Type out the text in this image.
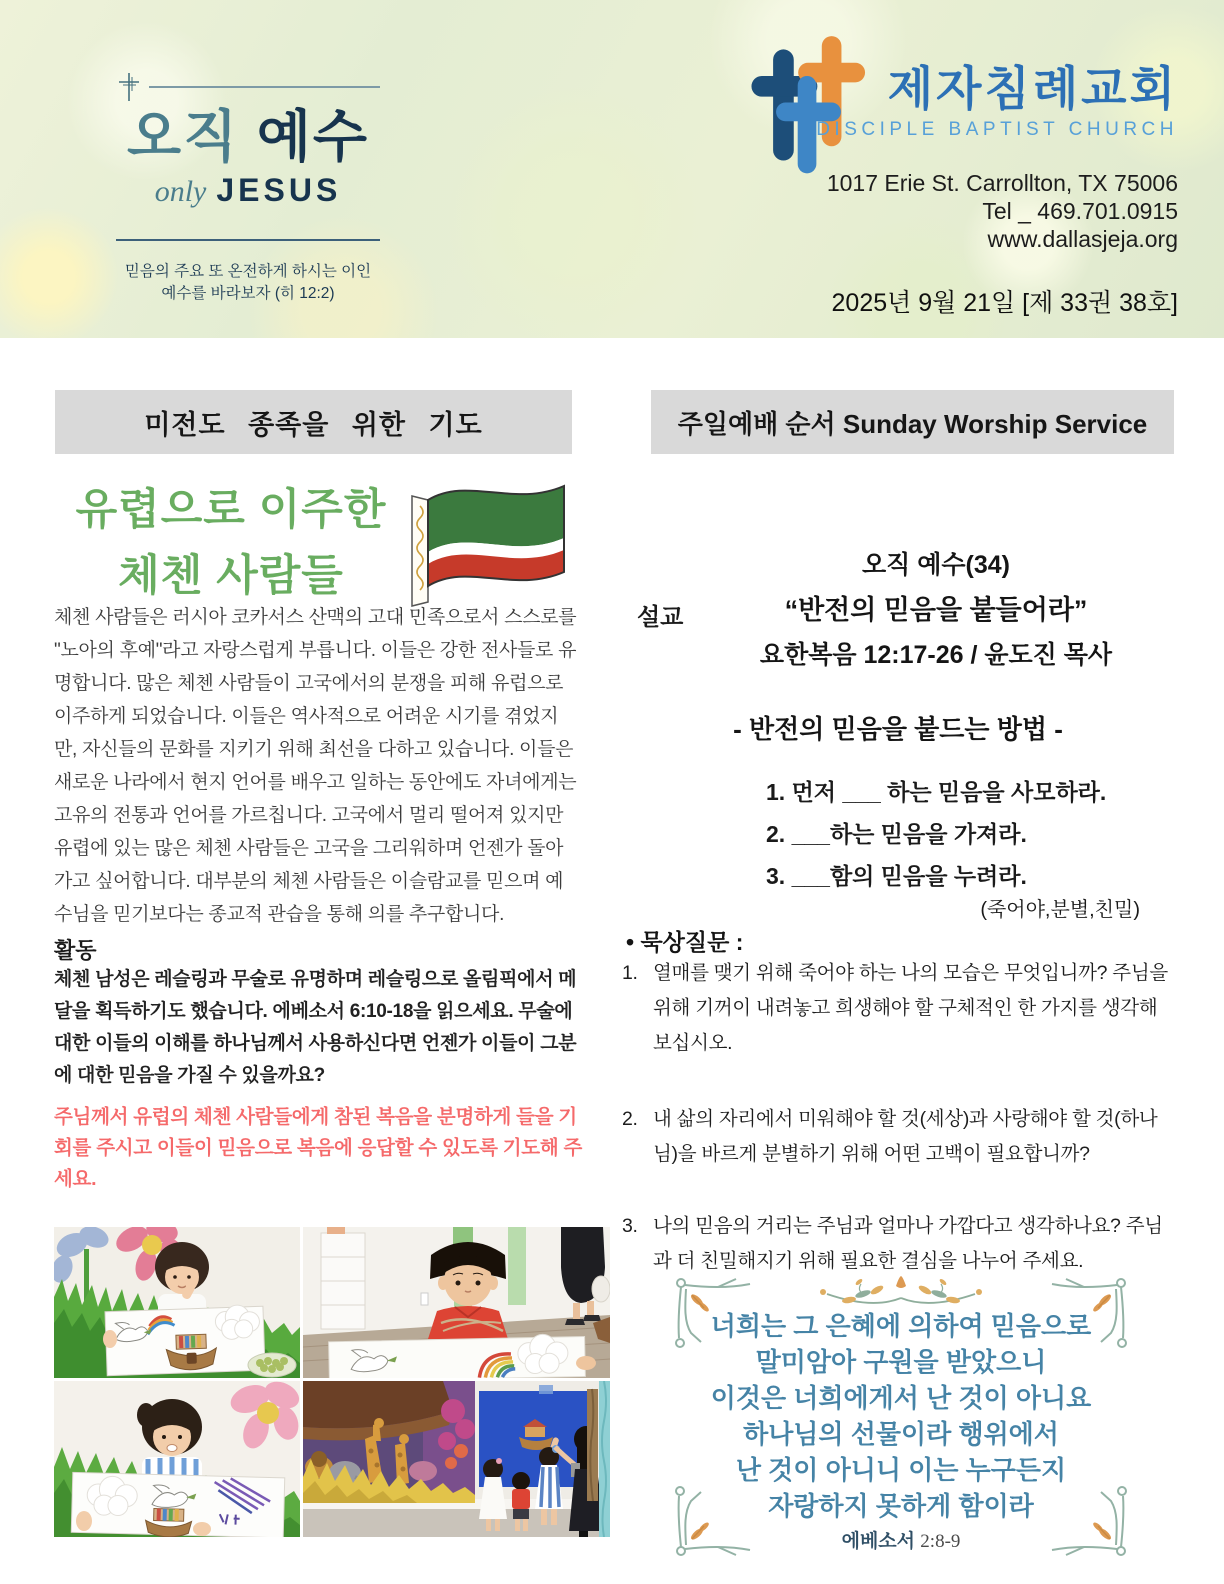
오직 예수
only JESUS
믿음의 주요 또 온전하게 하시는 이인
예수를 바라보자 (히 12:2)
제자침례교회
DISCIPLE BAPTIST CHURCH
1017 Erie St. Carrollton, TX 75006
Tel _ 469.701.0915
www.dallasjeja.org
2025년 9월 21일 [제 33권 38호]
미전도 종족을 위한 기도
유렵으로 이주한
체첸 사람들

체첸 사람들은 러시아 코카서스 산맥의 고대 민족으로서 스스로를 "노아의 후예"라고 자랑스럽게 부릅니다. 이들은 강한 전사들로 유명합니다. 많은 체첸 사람들이 고국에서의 분쟁을 피해 유럽으로 이주하게 되었습니다. 이들은 역사적으로 어려운 시기를 겪었지만, 자신들의 문화를 지키기 위해 최선을 다하고 있습니다. 이들은 새로운 나라에서 현지 언어를 배우고 일하는 동안에도 자녀에게는 고유의 전통과 언어를 가르칩니다. 고국에서 멀리 떨어져 있지만 유렵에 있는 많은 체첸 사람들은 고국을 그리워하며 언젠가 돌아가고 싶어합니다. 대부분의 체첸 사람들은 이슬람교를 믿으며 예수님을 믿기보다는 종교적 관습을 통해 의를 추구합니다.

활동

체첸 남성은 레슬링과 무술로 유명하며 레슬링으로 올림픽에서 메달을 획득하기도 했습니다. 에베소서 6:10-18을 읽으세요. 무술에 대한 이들의 이해를 하나님께서 사용하신다면 언젠가 이들이 그분에 대한 믿음을 가질 수 있을까요?

주님께서 유럽의 체첸 사람들에게 참된 복음을 분명하게 들을 기회를 주시고 이들이 믿음으로 복음에 응답할 수 있도록 기도해 주세요.

주일예배 순서 Sunday Worship Service
설교
오직 예수(34)
“반전의 믿음을 붙들어라”
요한복음 12:17-26 / 윤도진 목사
- 반전의 믿음을 붙드는 방법 -
1. 먼저 ___ 하는 믿음을 사모하라.
2. ___하는 믿음을 가져라.
3. ___함의 믿음을 누려라.
(죽어야,분별,친밀)
• 묵상질문 :
1. 열매를 맺기 위해 죽어야 하는 나의 모습은 무엇입니까? 주님을 위해 기꺼이 내려놓고 희생해야 할 구체적인 한 가지를 생각해 보십시오.
2. 내 삶의 자리에서 미워해야 할 것(세상)과 사랑해야 할 것(하나님)을 바르게 분별하기 위해 어떤 고백이 필요합니까?
3. 나의 믿음의 거리는 주님과 얼마나 가깝다고 생각하나요? 주님과 더 친밀해지기 위해 필요한 결심을 나누어 주세요.
너희는 그 은혜에 의하여 믿음으로
말미암아 구원을 받았으니
이것은 너희에게서 난 것이 아니요
하나님의 선물이라 행위에서
난 것이 아니니 이는 누구든지
자랑하지 못하게 함이라
에베소서 2:8-9
